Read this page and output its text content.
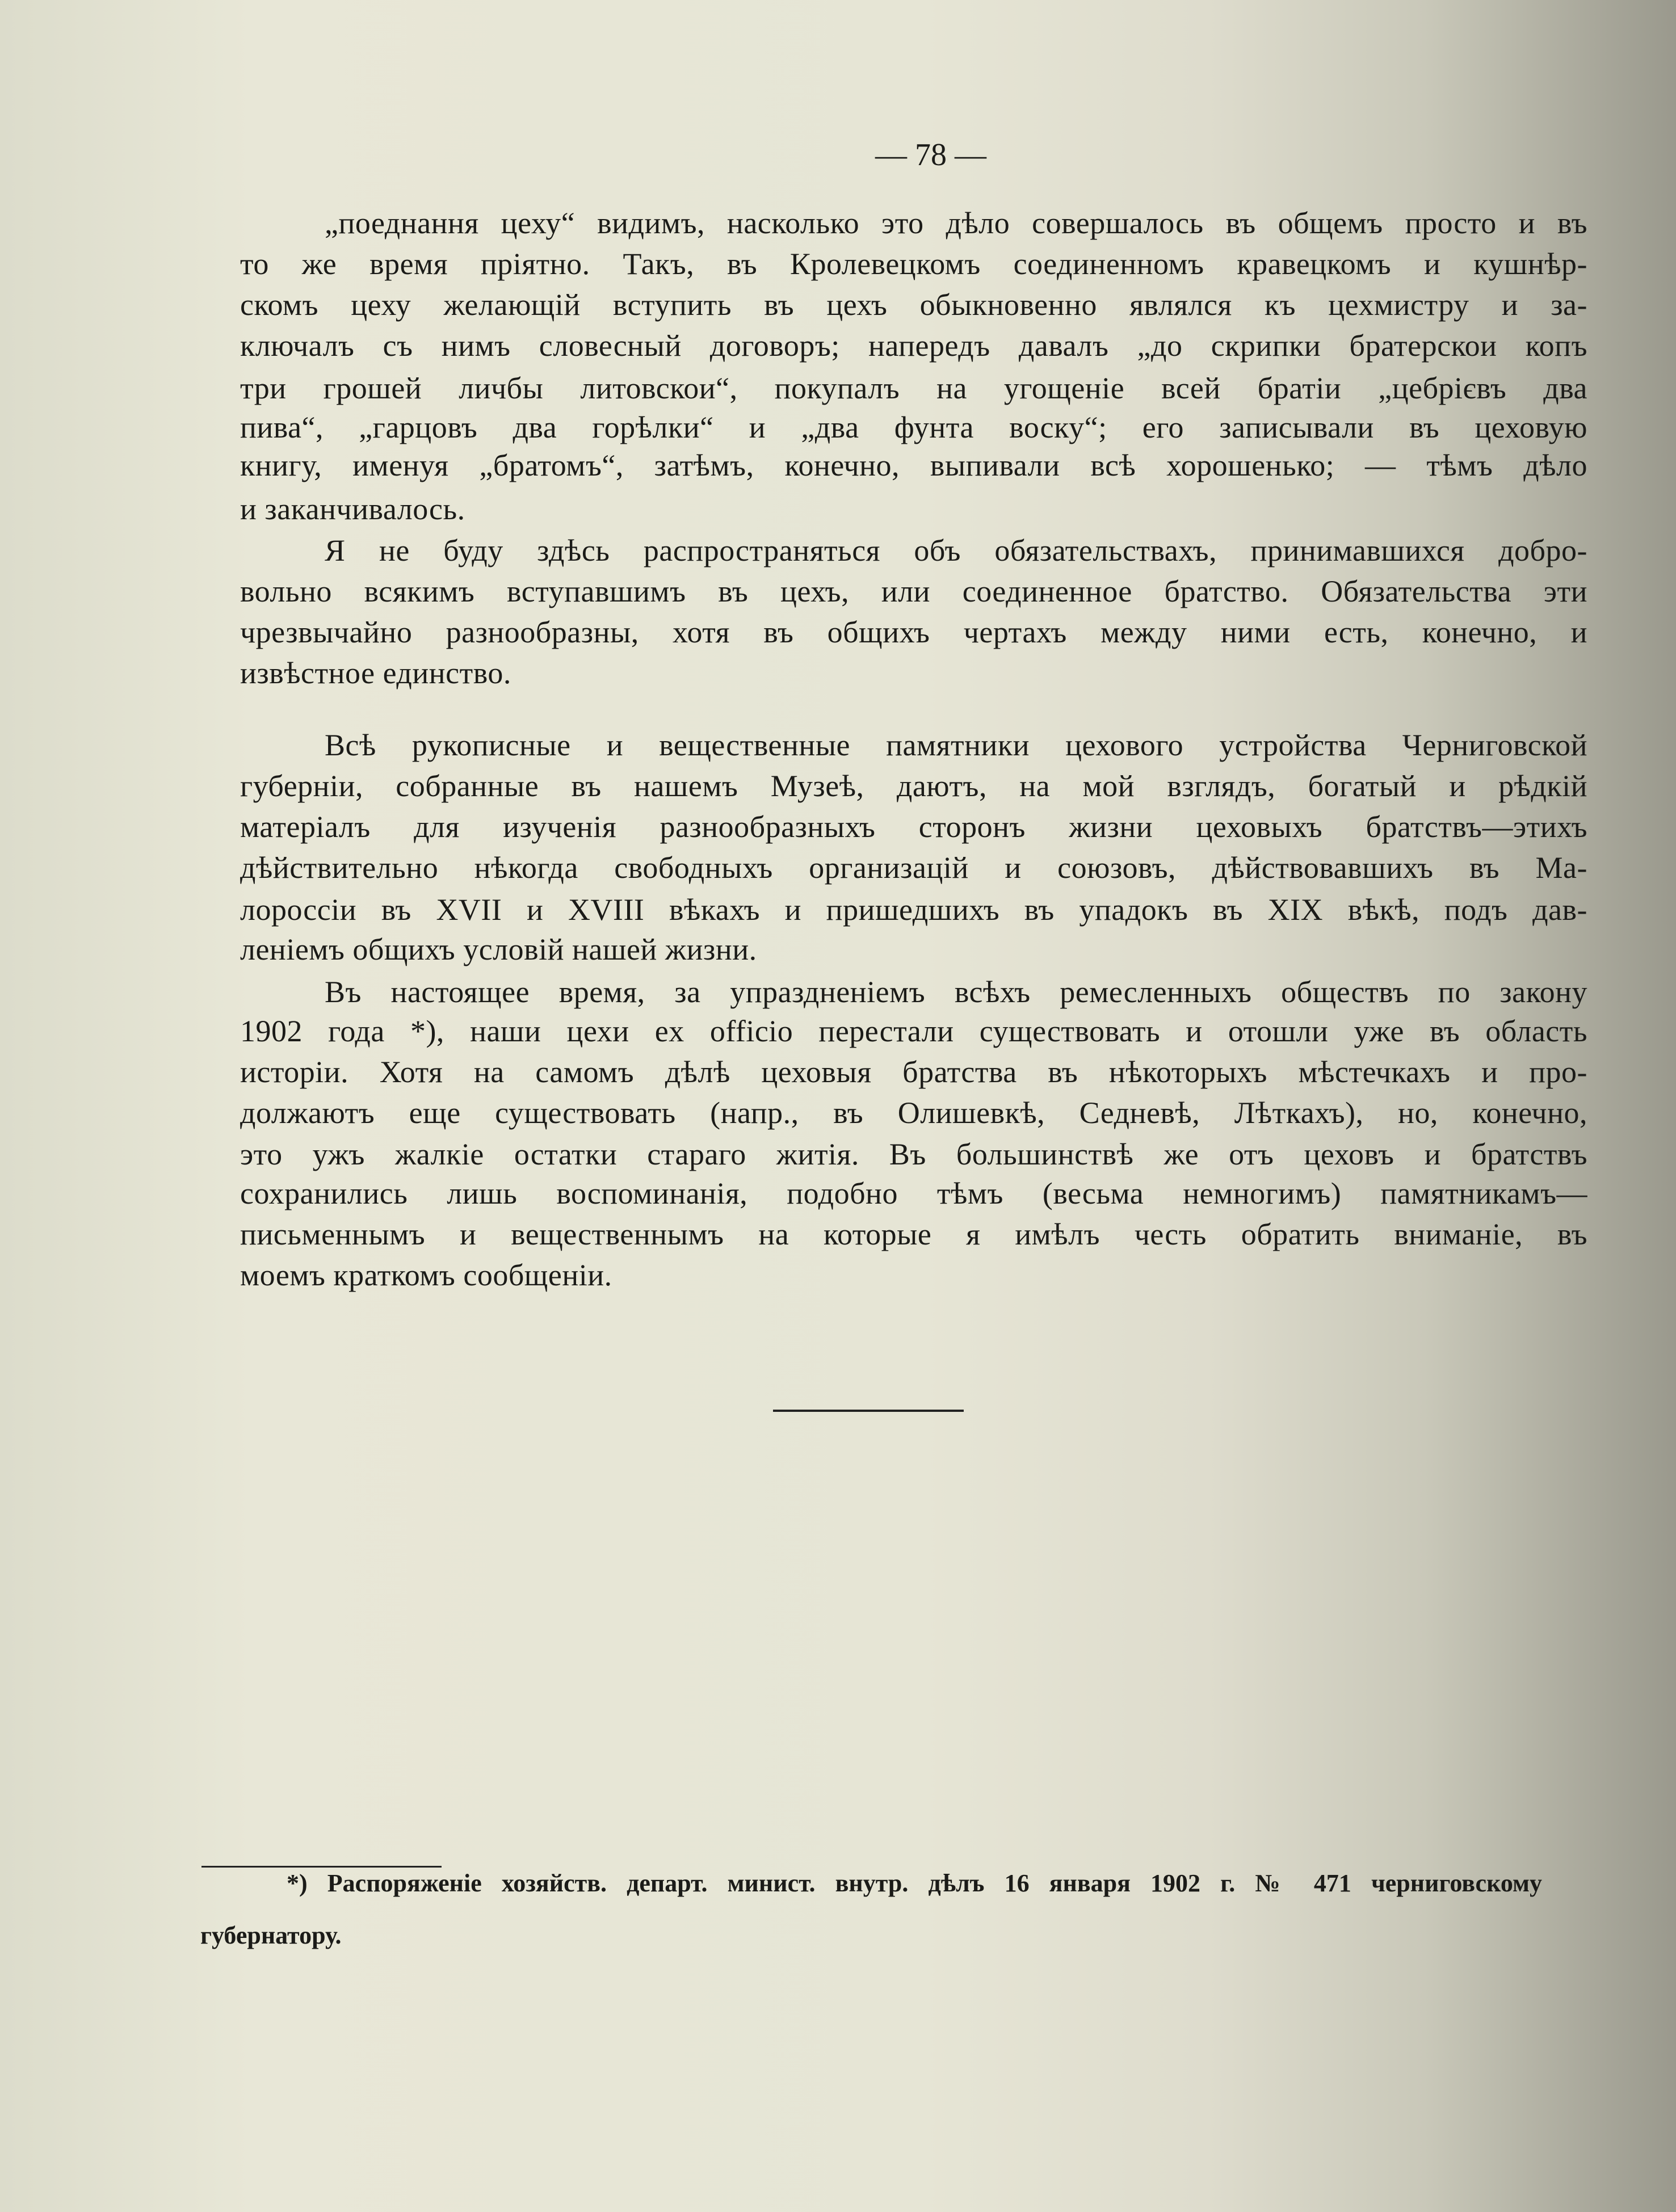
— 78 —
„поеднання цеху“ видимъ, насколько это дѣло совершалось въ общемъ просто и въ
то же время пріятно. Такъ, въ Кролевецкомъ соединенномъ кравецкомъ и кушнѣр-
скомъ цеху желающій вступить въ цехъ обыкновенно являлся къ цехмистру и за-
ключалъ съ нимъ словесный договоръ; напередъ давалъ „до скрипки братерскои копъ
три грошей личбы литовскои“, покупалъ на угощеніе всей братіи „цебрієвъ два
пива“, „гарцовъ два горѣлки“ и „два фунта воску“; его записывали въ цеховую
книгу, именуя „братомъ“, затѣмъ, конечно, выпивали всѣ хорошенько; — тѣмъ дѣло
и заканчивалось.
Я не буду здѣсь распространяться объ обязательствахъ, принимавшихся добро-
вольно всякимъ вступавшимъ въ цехъ, или соединенное братство. Обязательства эти
чрезвычайно разнообразны, хотя въ общихъ чертахъ между ними есть, конечно, и
извѣстное единство.
Всѣ рукописные и вещественные памятники цехового устройства Черниговской
губерніи, собранные въ нашемъ Музеѣ, даютъ, на мой взглядъ, богатый и рѣдкій
матеріалъ для изученія разнообразныхъ сторонъ жизни цеховыхъ братствъ—этихъ
дѣйствительно нѣкогда свободныхъ организацій и союзовъ, дѣйствовавшихъ въ Ма-
лороссіи въ XVII и XVIII вѣкахъ и пришедшихъ въ упадокъ въ XIX вѣкѣ, подъ дав-
леніемъ общихъ условій нашей жизни.
Въ настоящее время, за упраздненіемъ всѣхъ ремесленныхъ обществъ по закону
1902 года *), наши цехи ex officio перестали существовать и отошли уже въ область
исторіи. Хотя на самомъ дѣлѣ цеховыя братства въ нѣкоторыхъ мѣстечкахъ и про-
должаютъ еще существовать (напр., въ Олишевкѣ, Седневѣ, Лѣткахъ), но, конечно,
это ужъ жалкіе остатки стараго житія. Въ большинствѣ же отъ цеховъ и братствъ
сохранились лишь воспоминанія, подобно тѣмъ (весьма немногимъ) памятникамъ—
письменнымъ и вещественнымъ на которые я имѣлъ честь обратить вниманіе, въ
моемъ краткомъ сообщеніи.
*) Распоряженіе хозяйств. департ. минист. внутр. дѣлъ 16 января 1902 г. № 471 черниговскому
губернатору.
